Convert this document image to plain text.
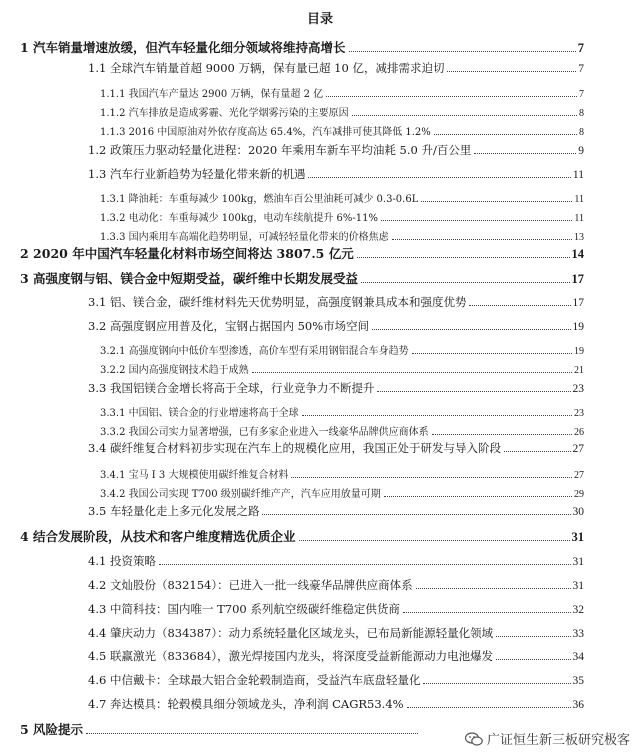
目录
1 汽车销量增速放缓，但汽车轻量化细分领域将维持高增长	7
1.1 全球汽车销量首超 9000 万辆，保有量已超 10 亿，减排需求迫切	7
1.1.1 我国汽车产量达 2900 万辆，保有量超 2 亿	7
1.1.2 汽车排放是造成雾霾、光化学烟雾污染的主要原因	8
1.1.3 2016 中国原油对外依存度高达 65.4%，汽车减排可使其降低 1.2%	8
1.2 政策压力驱动轻量化进程：2020 年乘用车新车平均油耗 5.0 升/百公里	9
1.3 汽车行业新趋势为轻量化带来新的机遇	11
1.3.1 降油耗：车重每减少 100kg，燃油车百公里油耗可减少 0.3-0.6L	11
1.3.2 电动化：车重每减少 100kg，电动车续航提升 6%-11%	11
1.3.3 国内乘用车高端化趋势明显，可减轻轻量化带来的价格焦虑	13
2 2020 年中国汽车轻量化材料市场空间将达 3807.5 亿元	14
3 高强度钢与铝、镁合金中短期受益，碳纤维中长期发展受益	17
3.1 铝、镁合金，碳纤维材料先天优势明显，高强度钢兼具成本和强度优势	17
3.2 高强度钢应用普及化，宝钢占据国内 50%市场空间	19
3.2.1 高强度钢向中低价车型渗透，高价车型有采用钢铝混合车身趋势	19
3.2.2 国内高强度钢技术趋于成熟	21
3.3 我国铝镁合金增长将高于全球，行业竞争力不断提升	23
3.3.1 中国铝、镁合金的行业增速将高于全球	23
3.3.2 我国公司实力显著增强，已有多家企业进入一线豪华品牌供应商体系	26
3.4 碳纤维复合材料初步实现在汽车上的规模化应用，我国正处于研发与导入阶段	27
3.4.1 宝马 I 3 大规模使用碳纤维复合材料	27
3.4.2 我国公司实现 T700 级别碳纤维产产，汽车应用放量可期	29
3.5 车轻量化走上多元化发展之路	30
4 结合发展阶段，从技术和客户维度精选优质企业	31
4.1 投资策略	31
4.2 文灿股份（832154）：已进入一批一线豪华品牌供应商体系	31
4.3 中简科技：国内唯一 T700 系列航空级碳纤维稳定供货商	32
4.4 肇庆动力（834387）：动力系统轻量化区域龙头，已布局新能源轻量化领域	33
4.5 联赢激光（833684），激光焊接国内龙头，将深度受益新能源动力电池爆发	34
4.6 中信戴卡：全球最大铝合金轮毂制造商，受益汽车底盘轻量化	35
4.7 奔达模具：轮毂模具细分领域龙头，净利润 CAGR53.4%	36
5 风险提示
广证恒生新三板研究极客
